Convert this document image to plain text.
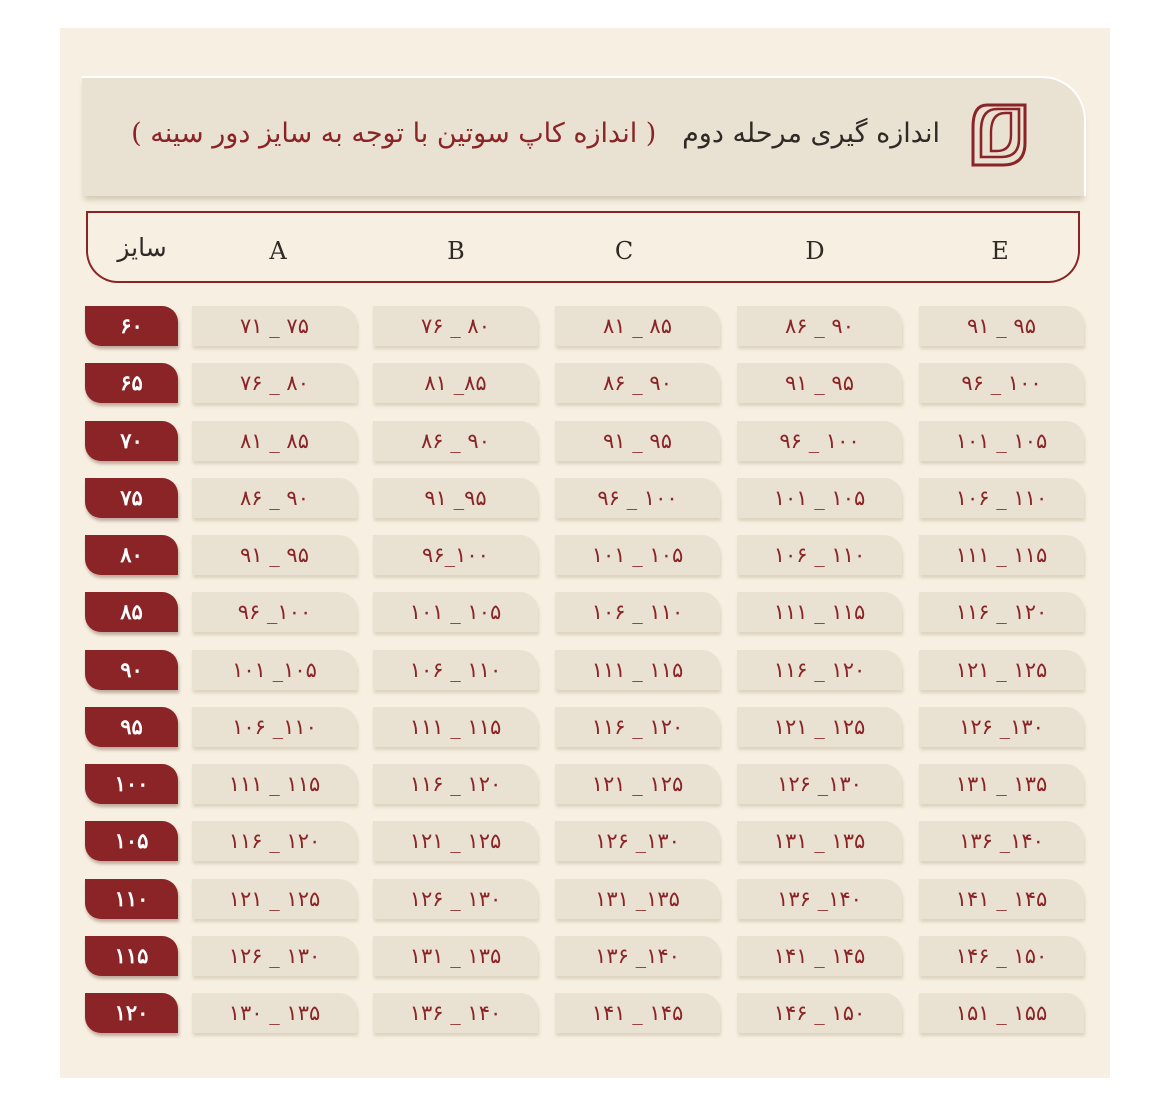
اندازه گیری مرحله دوم   ( اندازه کاپ سوتین با توجه به سایز دور سینه )
سایز	A	B	C	D	E
۶۰	۷۱ _ ۷۵	۷۶ _ ۸۰	۸۱ _ ۸۵	۸۶ _ ۹۰	۹۱ _ ۹۵
۶۵	۷۶ _ ۸۰	۸۱ _۸۵	۸۶ _ ۹۰	۹۱ _ ۹۵	۹۶ _ ۱۰۰
۷۰	۸۱ _ ۸۵	۸۶ _ ۹۰	۹۱ _ ۹۵	۹۶ _ ۱۰۰	۱۰۱ _ ۱۰۵
۷۵	۸۶ _ ۹۰	۹۱ _۹۵	۹۶ _ ۱۰۰	۱۰۱ _ ۱۰۵	۱۰۶ _ ۱۱۰
۸۰	۹۱ _ ۹۵	۹۶_۱۰۰	۱۰۱ _ ۱۰۵	۱۰۶ _ ۱۱۰	۱۱۱ _ ۱۱۵
۸۵	۹۶ _۱۰۰	۱۰۱ _ ۱۰۵	۱۰۶ _ ۱۱۰	۱۱۱ _ ۱۱۵	۱۱۶ _ ۱۲۰
۹۰	۱۰۱ _۱۰۵	۱۰۶ _ ۱۱۰	۱۱۱ _ ۱۱۵	۱۱۶ _ ۱۲۰	۱۲۱ _ ۱۲۵
۹۵	۱۰۶ _۱۱۰	۱۱۱ _ ۱۱۵	۱۱۶ _ ۱۲۰	۱۲۱ _ ۱۲۵	۱۲۶ _۱۳۰
۱۰۰	۱۱۱ _ ۱۱۵	۱۱۶ _ ۱۲۰	۱۲۱ _ ۱۲۵	۱۲۶ _۱۳۰	۱۳۱ _ ۱۳۵
۱۰۵	۱۱۶ _ ۱۲۰	۱۲۱ _ ۱۲۵	۱۲۶ _۱۳۰	۱۳۱ _ ۱۳۵	۱۳۶ _۱۴۰
۱۱۰	۱۲۱ _ ۱۲۵	۱۲۶ _ ۱۳۰	۱۳۱ _۱۳۵	۱۳۶ _۱۴۰	۱۴۱ _ ۱۴۵
۱۱۵	۱۲۶ _ ۱۳۰	۱۳۱ _ ۱۳۵	۱۳۶ _۱۴۰	۱۴۱ _ ۱۴۵	۱۴۶ _ ۱۵۰
۱۲۰	۱۳۰ _ ۱۳۵	۱۳۶ _ ۱۴۰	۱۴۱ _ ۱۴۵	۱۴۶ _ ۱۵۰	۱۵۱ _ ۱۵۵
